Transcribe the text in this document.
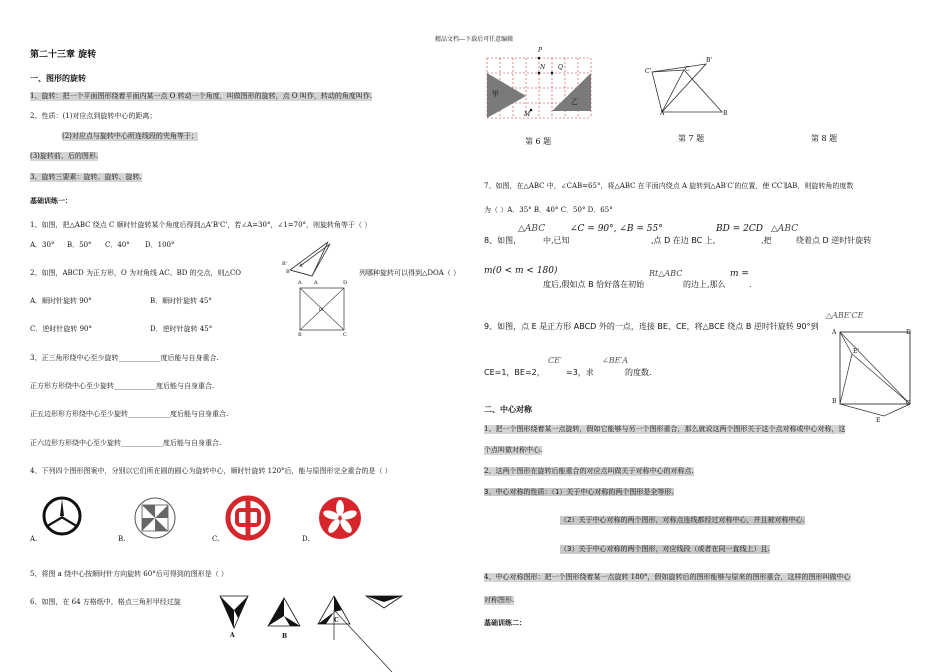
精品文档---下载后可任意编辑
第二十三章 旋转
一、图形的旋转
1、旋转：把一个平面图形绕着平面内某一点 O 转动一个角度，叫做图形的旋转，点 O 叫作，转动的角度叫作.
2、性质：(1)对应点到旋转中心的距离；
(2)对应点与旋转中心所连线段的夹角等于；
(3)旋转前、后的图形.
3、旋转三要素：旋转、旋转、旋转.
基础训练一：
1、如图，把△ABC 绕点 C 顺时针旋转某个角度后得到△A'B'C'，若∠A=30°，∠1=70°，则旋转角等于（ ）
A．30° B．50° C．40° D．100°
B' A'
B
A
2、如图，ABCD 为正方形，O 为对角线 AC、BD 的交点，则△CO	列哪种旋转可以得到△DOA（ ）
A．顺时针旋转 90°	B．顺时针旋转 45°
C．逆时针旋转 90°	D．逆时针旋转 45°
A	D
O
B	C
3、正三角形绕中心至少旋转____________度后能与自身重合.
正方形方形绕中心至少旋转____________度后能与自身重合.
正五边形形方形绕中心至少旋转____________度后能与自身重合.
正六边形方形绕中心至少旋转____________度后能与自身重合.
4、下列四个图形图案中，分别以它们所在圆的圆心为旋转中心，顺时针旋转 120°后，能与原图形完全重合的是（ ）
A.	B.	C.	D.
5、将图 a 绕中心按顺时针方向旋转 60°后可得到的图形是（ ）
6、如图，在 64 方格纸中，格点三角形甲经过旋
A	B
C
P
N Q
甲
乙
M
第 6 题
C'
B'
A
C
B
第 7 题	第 8 题
7、如图，在△ABC 中，∠CAB=65°，将△ABC 在平面内绕点 A 旋转到△AB′C′的位置，使 CC′∥AB，则旋转角的度数
为（ ）A．35° B．40° C．50° D．65°
△ABC	∠C = 90°, ∠B = 55°	BD = 2CD △ABC
8、如图，	中,已知	,点 D 在边 BC 上,	,把	绕着点 D 逆时针旋转
m(0 < m < 180)	Rt△ABC	m =
度后,假如点 B 恰好落在初始	的边上,那么	.
△ABE′CE
9、如图，点 E 是正方形 ABCD 外的一点，连接 BE、CE，将△BCE 绕点 B 逆时针旋转 90°到
CE′	∠BE′A
CE=1，BE=2，	=3，求	的度数.
A	D
E'
B	C
E
二、中心对称
1、把一个图形绕着某一点旋转，假如它能够与另一个图形重合，那么就说这两个图形关于这个点对称或中心对称，这
个点叫做对称中心.
2、这两个图形在旋转后能重合的对应点叫做关于对称中心的对称点.
3、中心对称的性质：（1）关于中心对称的两个图形是全等形.
（2）关于中心对称的两个图形，对称点连线都经过对称中心，并且被对称中心.
（3）关于中心对称的两个图形，对应线段（或者在同一直线上）且.
4、中心对称图形：把一个图形绕着某一点旋转 180°，假如旋转后的图形能够与原来的图形重合，这样的图形叫做中心
对称图形.
基础训练二：
